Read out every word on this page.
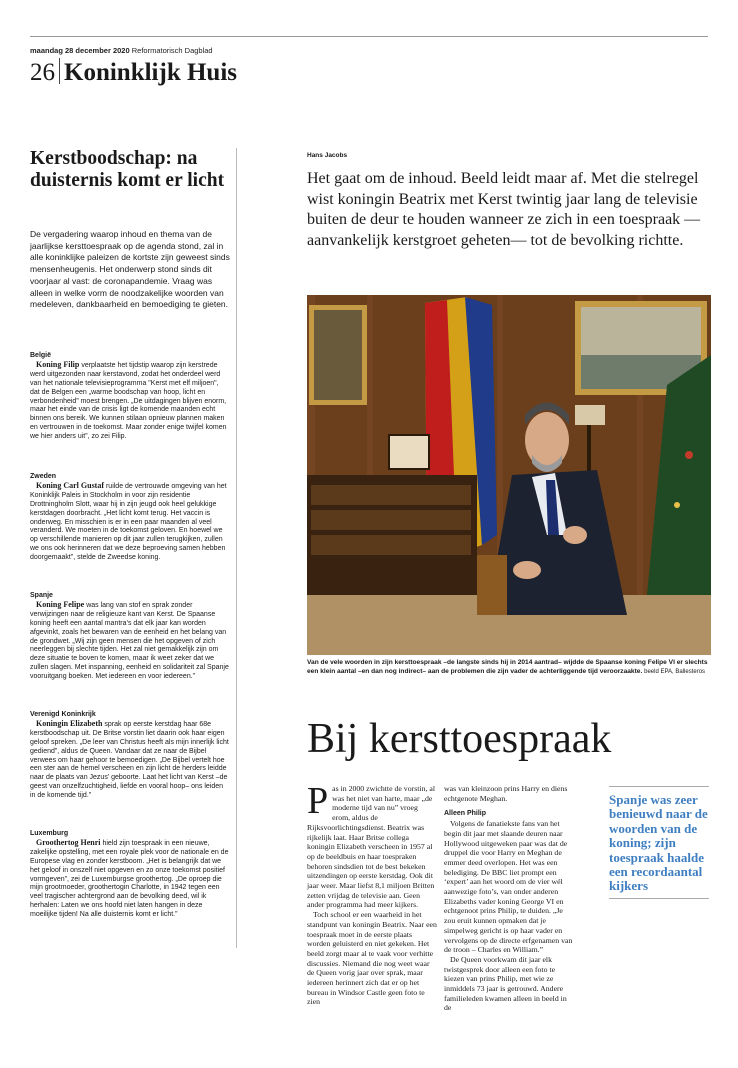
maandag 28 december 2020 Reformatorisch Dagblad
26 Koninklijk Huis
Kerstboodschap: na duisternis komt er licht
De vergadering waarop inhoud en thema van de jaarlijkse kersttoespraak op de agenda stond, zal in alle koninklijke paleizen de kortste zijn geweest sinds mensenheugenis. Het onderwerp stond sinds dit voorjaar al vast: de coronapandemie. Vraag was alleen in welke vorm de noodzakelijke woorden van medeleven, dankbaarheid en bemoediging te gieten.
België
Koning Filip verplaatste het tijdstip waarop zijn kerstrede werd uitgezonden naar kerstavond, zodat het onderdeel werd van het nationale televisieprogramma "Kerst met elf miljoen", dat de Belgen een „warme boodschap van hoop, licht en verbondenheid” moest brengen. „De uitdagingen blijven enorm, maar het einde van de crisis ligt de komende maanden echt binnen ons bereik. We kunnen stilaan opnieuw plannen maken en vertrouwen in de toekomst. Maar zonder enige twijfel komen we hier anders uit”, zo zei Filip.
Zweden
Koning Carl Gustaf ruilde de vertrouwde omgeving van het Koninklijk Paleis in Stockholm in voor zijn residentie Drottningholm Slott, waar hij in zijn jeugd ook heel gelukkige kerstdagen doorbracht. „Het licht komt terug. Het vaccin is onderweg. En misschien is er in een paar maanden al veel veranderd. We moeten in de toekomst geloven. En hoewel we op verschillende manieren op dit jaar zullen terugkijken, zullen we ons ook herinneren dat we deze beproeving samen hebben doorgemaakt”, stelde de Zweedse koning.
Spanje
Koning Felipe was lang van stof en sprak zonder verwijzingen naar de religieuze kant van Kerst. De Spaanse koning heeft een aantal mantra’s dat elk jaar kan worden afgevinkt, zoals het bewaren van de eenheid en het belang van de grondwet. „Wij zijn geen mensen die het opgeven of zich neerleggen bij slechte tijden. Het zal niet gemakkelijk zijn om deze situatie te boven te komen, maar ik weet zeker dat we zullen slagen. Met inspanning, eenheid en solidariteit zal Spanje vooruitgang boeken. Met iedereen en voor iedereen.”
Verenigd Koninkrijk
Koningin Elizabeth sprak op eerste kerstdag haar 68e kerstboodschap uit. De Britse vorstin liet daarin ook haar eigen geloof spreken. „De leer van Christus heeft als mijn innerlijk licht gediend”, aldus de Queen. Vandaar dat ze naar de Bijbel verwees om haar gehoor te bemoedigen. „De Bijbel vertelt hoe een ster aan de hemel verscheen en zijn licht de herders leidde naar de plaats van Jezus’ geboorte. Laat het licht van Kerst –de geest van onzelfzuchtigheid, liefde en vooral hoop– ons leiden in de komende tijd.”
Luxemburg
Groothertog Henri hield zijn toespraak in een nieuwe, zakelijke opstelling, met een royale plek voor de nationale en de Europese vlag en zonder kerstboom. „Het is belangrijk dat we het geloof in onszelf niet opgeven en zo onze toekomst positief vormgeven”, zei de Luxemburgse groothertog. „De oproep die mijn grootmoeder, groothertogin Charlotte, in 1942 tegen een veel tragischer achtergrond aan de bevolking deed, wil ik herhalen: Laten we ons hoofd niet laten hangen in deze moeilijke tijden! Na alle duisternis komt er licht.”
Hans Jacobs
Het gaat om de inhoud. Beeld leidt maar af. Met die stelregel wist koningin Beatrix met Kerst twintig jaar lang de televisie buiten de deur te houden wanneer ze zich in een toespraak —aanvankelijk kerstgroet geheten— tot de bevolking richtte.
Van de vele woorden in zijn kersttoespraak –de langste sinds hij in 2014 aantrad– wijdde de Spaanse koning Felipe VI er slechts een klein aantal –en dan nog indirect– aan de problemen die zijn vader de achterliggende tijd veroorzaakte. beeld EPA, Ballesteros
Bij kersttoespraak

Pas in 2000 zwichtte de vorstin, al was het niet van harte, maar „de moderne tijd van nu” vroeg erom, aldus de Rijksvoorlichtingsdienst. Beatrix was rijkelijk laat. Haar Britse collega koningin Elizabeth verscheen in 1957 al op de beeldbuis en haar toespraken behoren sindsdien tot de best bekeken uitzendingen op eerste kerstdag. Ook dit jaar weer. Maar liefst 8,1 miljoen Britten zetten vrijdag de televisie aan. Geen ander programma had meer kijkers.

Toch school er een waarheid in het standpunt van koningin Beatrix. Naar een toespraak moet in de eerste plaats worden geluisterd en niet gekeken. Het beeld zorgt maar al te vaak voor verhitte discussies. Niemand die nog weet waar de Queen vorig jaar over sprak, maar iedereen herinnert zich dat er op het bureau in Windsor Castle geen foto te zien

was van kleinzoon prins Harry en diens echtgenote Meghan.

Alleen Philip

Volgens de fanatiekste fans van het begin dit jaar met slaande deuren naar Hollywood uitgeweken paar was dat de druppel die voor Harry en Meghan de emmer deed overlopen. Het was een belediging. De BBC liet prompt een ‘expert’ aan het woord om de vier wél aanwezige foto’s, van onder anderen Elizabeths vader koning George VI en echtgenoot prins Philip, te duiden. „Je zou eruit kunnen opmaken dat je simpelweg gericht is op haar vader en vervolgens op de directe erfgenamen van de troon – Charles en William.”

De Queen voorkwam dit jaar elk twistgesprek door alleen een foto te kiezen van prins Philip, met wie ze inmiddels 73 jaar is getrouwd. Andere familieleden kwamen alleen in beeld in de

Spanje was zeer benieuwd naar de woorden van de koning; zijn toespraak haalde een recordaantal kijkers
